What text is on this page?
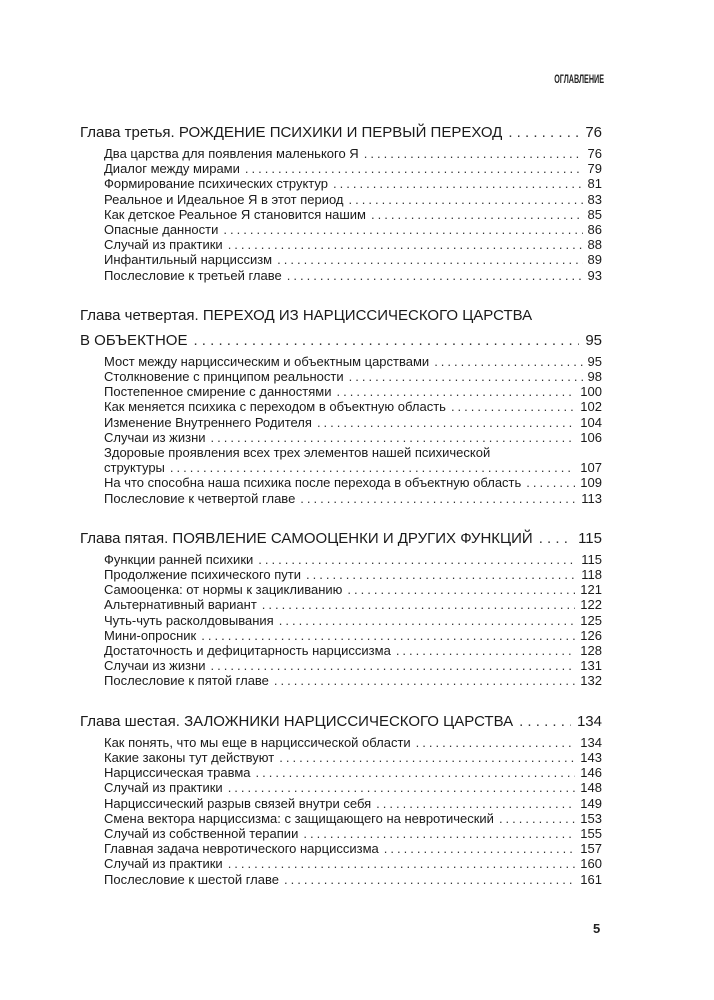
ОГЛАВЛЕНИЕ
Глава третья. РОЖДЕНИЕ ПСИХИКИ И ПЕРВЫЙ ПЕРЕХОД . . .	76
Два царства для появления маленького Я . . .	76
Диалог между мирами . . .	79
Формирование психических структур . . .	81
Реальное и Идеальное Я в этот период . . .	83
Как детское Реальное Я становится нашим . . .	85
Опасные данности . . .	86
Случай из практики . . .	88
Инфантильный нарциссизм . . .	89
Послесловие к третьей главе . . .	93
Глава четвертая. ПЕРЕХОД ИЗ НАРЦИССИЧЕСКОГО ЦАРСТВА
В ОБЪЕКТНОЕ . . .	95
Мост между нарциссическим и объектным царствами . . .	95
Столкновение с принципом реальности . . .	98
Постепенное смирение с данностями . . .	100
Как меняется психика с переходом в объектную область . . .	102
Изменение Внутреннего Родителя . . .	104
Случаи из жизни . . .	106
Здоровые проявления всех трех элементов нашей психической
структуры . . .	107
На что способна наша психика после перехода в объектную область . . .	109
Послесловие к четвертой главе . . .	113
Глава пятая. ПОЯВЛЕНИЕ САМООЦЕНКИ И ДРУГИХ ФУНКЦИЙ . . .	115
Функции ранней психики . . .	115
Продолжение психического пути . . .	118
Самооценка: от нормы к зацикливанию . . .	121
Альтернативный вариант . . .	122
Чуть-чуть расколдовывания . . .	125
Мини-опросник . . .	126
Достаточность и дефицитарность нарциссизма . . .	128
Случаи из жизни . . .	131
Послесловие к пятой главе . . .	132
Глава шестая. ЗАЛОЖНИКИ НАРЦИССИЧЕСКОГО ЦАРСТВА . . .	134
Как понять, что мы еще в нарциссической области . . .	134
Какие законы тут действуют . . .	143
Нарциссическая травма . . .	146
Случай из практики . . .	148
Нарциссический разрыв связей внутри себя . . .	149
Смена вектора нарциссизма: с защищающего на невротический . . .	153
Случай из собственной терапии . . .	155
Главная задача невротического нарциссизма . . .	157
Случай из практики . . .	160
Послесловие к шестой главе . . .	161
5
